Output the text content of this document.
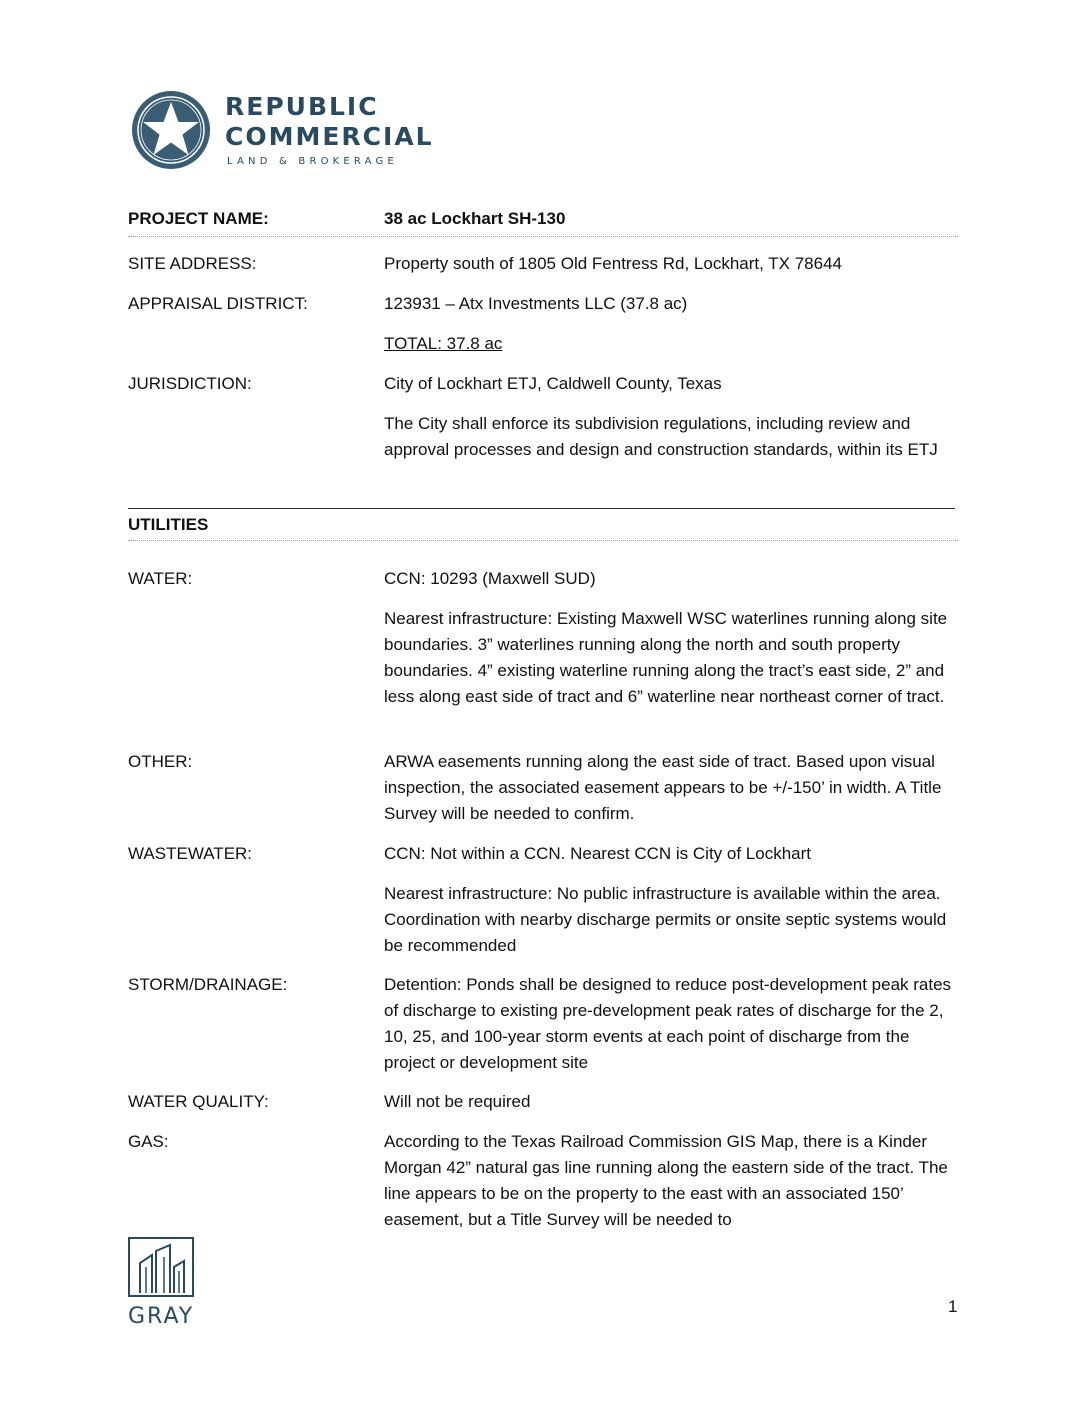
REPUBLIC
COMMERCIAL
LAND & BROKERAGE
PROJECT NAME:	38 ac Lockhart SH-130
SITE ADDRESS:	Property south of 1805 Old Fentress Rd, Lockhart, TX 78644
APPRAISAL DISTRICT:	123931 – Atx Investments LLC (37.8 ac)
TOTAL: 37.8 ac
JURISDICTION:	City of Lockhart ETJ, Caldwell County, Texas
The City shall enforce its subdivision regulations, including review and approval processes and design and construction standards, within its ETJ
UTILITIES
WATER:	CCN: 10293 (Maxwell SUD)
Nearest infrastructure: Existing Maxwell WSC waterlines running along site boundaries. 3” waterlines running along the north and south property boundaries. 4” existing waterline running along the tract’s east side, 2” and less along east side of tract and 6” waterline near northeast corner of tract.
OTHER:	ARWA easements running along the east side of tract. Based upon visual inspection, the associated easement appears to be +/-150’ in width. A Title Survey will be needed to confirm.
WASTEWATER:	CCN: Not within a CCN. Nearest CCN is City of Lockhart
Nearest infrastructure: No public infrastructure is available within the area. Coordination with nearby discharge permits or onsite septic systems would be recommended
STORM/DRAINAGE:	Detention: Ponds shall be designed to reduce post-development peak rates of discharge to existing pre-development peak rates of discharge for the 2, 10, 25, and 100-year storm events at each point of discharge from the project or development site
WATER QUALITY:	Will not be required
GAS:	According to the Texas Railroad Commission GIS Map, there is a Kinder Morgan 42” natural gas line running along the eastern side of the tract. The line appears to be on the property to the east with an associated 150’ easement, but a Title Survey will be needed to
GRAY	1
